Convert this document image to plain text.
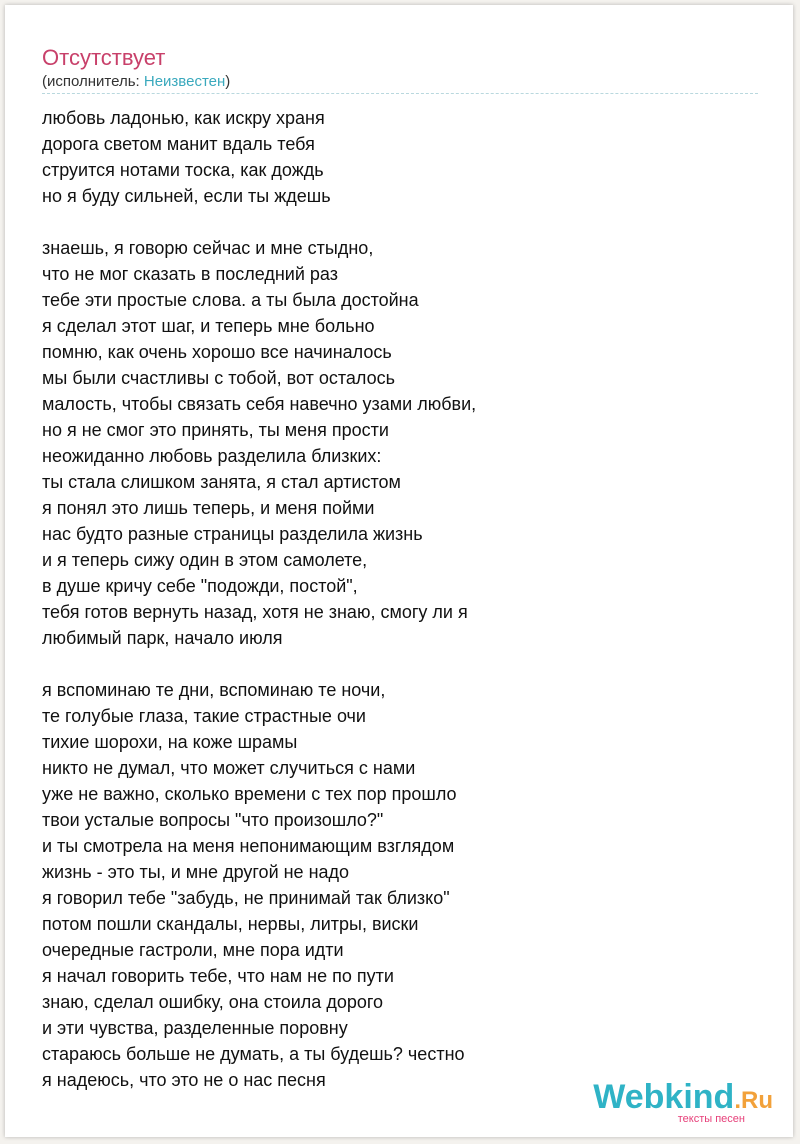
Отсутствует
(исполнитель: Неизвестен)
любовь ладонью, как искру храня
дорога светом манит вдаль тебя
струится нотами тоска, как дождь
но я буду сильней, если ты ждешь
знаешь, я говорю сейчас и мне стыдно,
что не мог сказать в последний раз
тебе эти простые слова. а ты была достойна
я сделал этот шаг, и теперь мне больно
помню, как очень хорошо все начиналось
мы были счастливы с тобой, вот осталось
малость, чтобы связать себя навечно узами любви,
но я не смог это принять, ты меня прости
неожиданно любовь разделила близких:
ты стала слишком занята, я стал артистом
я понял это лишь теперь, и меня пойми
нас будто разные страницы разделила жизнь
и я теперь сижу один в этом самолете,
в душе кричу себе "подожди, постой",
тебя готов вернуть назад, хотя не знаю, смогу ли я
любимый парк, начало июля
я вспоминаю те дни, вспоминаю те ночи,
те голубые глаза, такие страстные очи
тихие шорохи, на коже шрамы
никто не думал, что может случиться с нами
уже не важно, сколько времени с тех пор прошло
твои усталые вопросы "что произошло?"
и ты смотрела на меня непонимающим взглядом
жизнь - это ты, и мне другой не надо
я говорил тебе "забудь, не принимай так близко"
потом пошли скандалы, нервы, литры, виски
очередные гастроли, мне пора идти
я начал говорить тебе, что нам не по пути
знаю, сделал ошибку, она стоила дорого
и эти чувства, разделенные поровну
стараюсь больше не думать, а ты будешь? честно
я надеюсь, что это не о нас песня	Webkind.Ru
тексты песен
